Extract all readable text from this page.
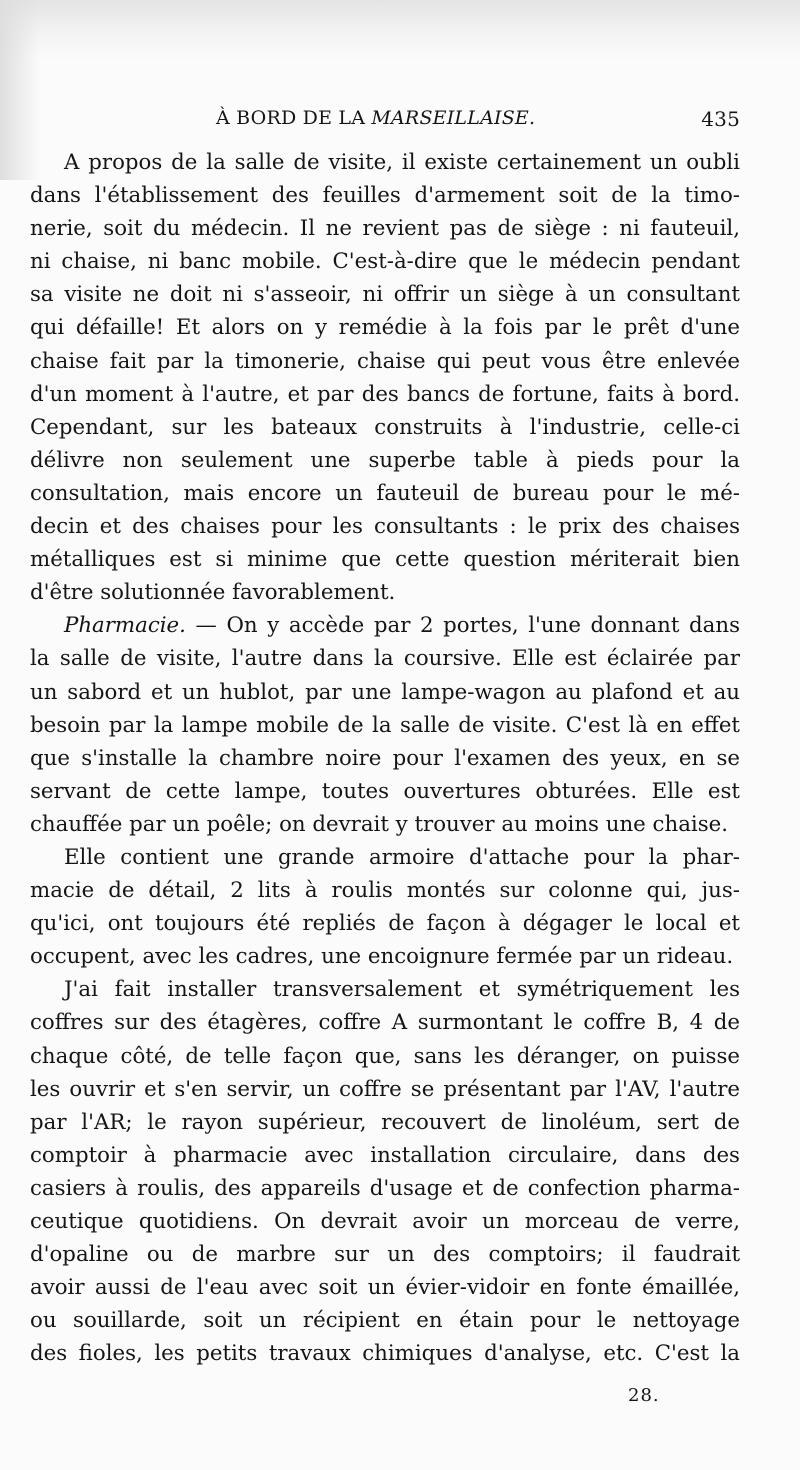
À BORD DE LA MARSEILLAISE.	435
A propos de la salle de visite, il existe certainement un oubli
dans l'établissement des feuilles d'armement soit de la timo-
nerie, soit du médecin. Il ne revient pas de siège : ni fauteuil,
ni chaise, ni banc mobile. C'est-à-dire que le médecin pendant
sa visite ne doit ni s'asseoir, ni offrir un siège à un consultant
qui défaille! Et alors on y remédie à la fois par le prêt d'une
chaise fait par la timonerie, chaise qui peut vous être enlevée
d'un moment à l'autre, et par des bancs de fortune, faits à bord.
Cependant, sur les bateaux construits à l'industrie, celle-ci
délivre non seulement une superbe table à pieds pour la
consultation, mais encore un fauteuil de bureau pour le mé-
decin et des chaises pour les consultants : le prix des chaises
métalliques est si minime que cette question mériterait bien
d'être solutionnée favorablement.
Pharmacie. — On y accède par 2 portes, l'une donnant dans
la salle de visite, l'autre dans la coursive. Elle est éclairée par
un sabord et un hublot, par une lampe-wagon au plafond et au
besoin par la lampe mobile de la salle de visite. C'est là en effet
que s'installe la chambre noire pour l'examen des yeux, en se
servant de cette lampe, toutes ouvertures obturées. Elle est
chauffée par un poêle; on devrait y trouver au moins une chaise.
Elle contient une grande armoire d'attache pour la phar-
macie de détail, 2 lits à roulis montés sur colonne qui, jus-
qu'ici, ont toujours été repliés de façon à dégager le local et
occupent, avec les cadres, une encoignure fermée par un rideau.
J'ai fait installer transversalement et symétriquement les
coffres sur des étagères, coffre A surmontant le coffre B, 4 de
chaque côté, de telle façon que, sans les déranger, on puisse
les ouvrir et s'en servir, un coffre se présentant par l'AV, l'autre
par l'AR; le rayon supérieur, recouvert de linoléum, sert de
comptoir à pharmacie avec installation circulaire, dans des
casiers à roulis, des appareils d'usage et de confection pharma-
ceutique quotidiens. On devrait avoir un morceau de verre,
d'opaline ou de marbre sur un des comptoirs; il faudrait
avoir aussi de l'eau avec soit un évier-vidoir en fonte émaillée,
ou souillarde, soit un récipient en étain pour le nettoyage
des fioles, les petits travaux chimiques d'analyse, etc. C'est la
28.
